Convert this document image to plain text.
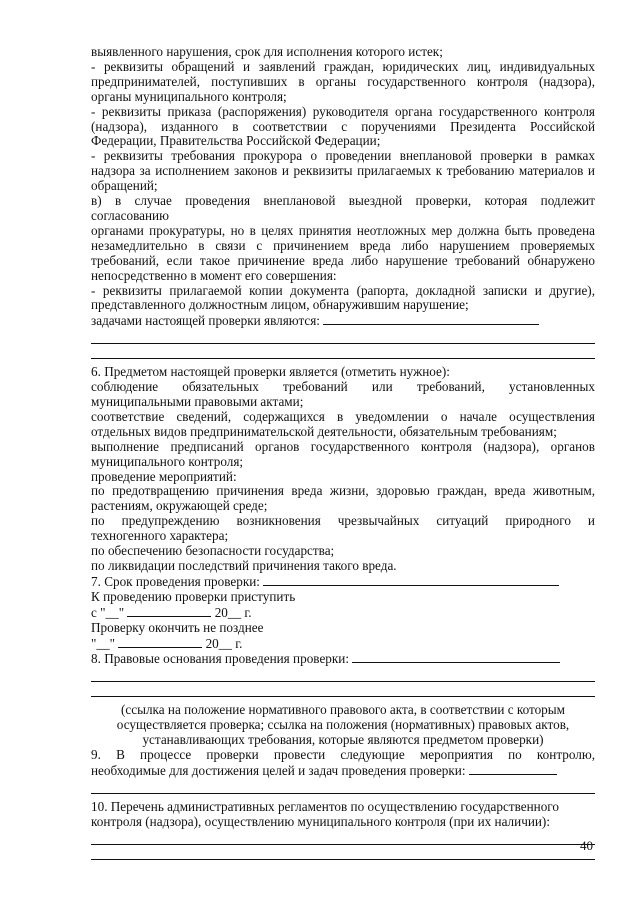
выявленного нарушения, срок для исполнения которого истек;
- реквизиты обращений и заявлений граждан, юридических лиц, индивидуальных
предпринимателей, поступивших в органы государственного контроля (надзора),
органы муниципального контроля;
- реквизиты приказа (распоряжения) руководителя органа государственного контроля
(надзора), изданного в соответствии с поручениями Президента Российской
Федерации, Правительства Российской Федерации;
- реквизиты требования прокурора о проведении внеплановой проверки в рамках
надзора за исполнением законов и реквизиты прилагаемых к требованию материалов и
обращений;
в) в случае проведения внеплановой выездной проверки, которая подлежит согласованию
органами прокуратуры, но в целях принятия неотложных мер должна быть проведена
незамедлительно в связи с причинением вреда либо нарушением проверяемых
требований, если такое причинение вреда либо нарушение требований обнаружено
непосредственно в момент его совершения:
- реквизиты прилагаемой копии документа (рапорта, докладной записки и другие),
представленного должностным лицом, обнаружившим нарушение;
задачами настоящей проверки являются:
6. Предметом настоящей проверки является (отметить нужное):
соблюдение обязательных требований или требований, установленных
муниципальными правовыми актами;
соответствие сведений, содержащихся в уведомлении о начале осуществления
отдельных видов предпринимательской деятельности, обязательным требованиям;
выполнение предписаний органов государственного контроля (надзора), органов
муниципального контроля;
проведение мероприятий:
по предотвращению причинения вреда жизни, здоровью граждан, вреда животным,
растениям, окружающей среде;
по предупреждению возникновения чрезвычайных ситуаций природного и
техногенного характера;
по обеспечению безопасности государства;
по ликвидации последствий причинения такого вреда.
7. Срок проведения проверки:
К проведению проверки приступить
с "__"	20__ г.
Проверку окончить не позднее
"__"	20__ г.
8. Правовые основания проведения проверки:
(ссылка на положение нормативного правового акта, в соответствии с которым
осуществляется проверка; ссылка на положения (нормативных) правовых актов,
устанавливающих требования, которые являются предметом проверки)
9. В процессе проверки провести следующие мероприятия по контролю,
необходимые для достижения целей и задач проведения проверки:
10. Перечень административных регламентов по осуществлению государственного
контроля (надзора), осуществлению муниципального контроля (при их наличии):
40
